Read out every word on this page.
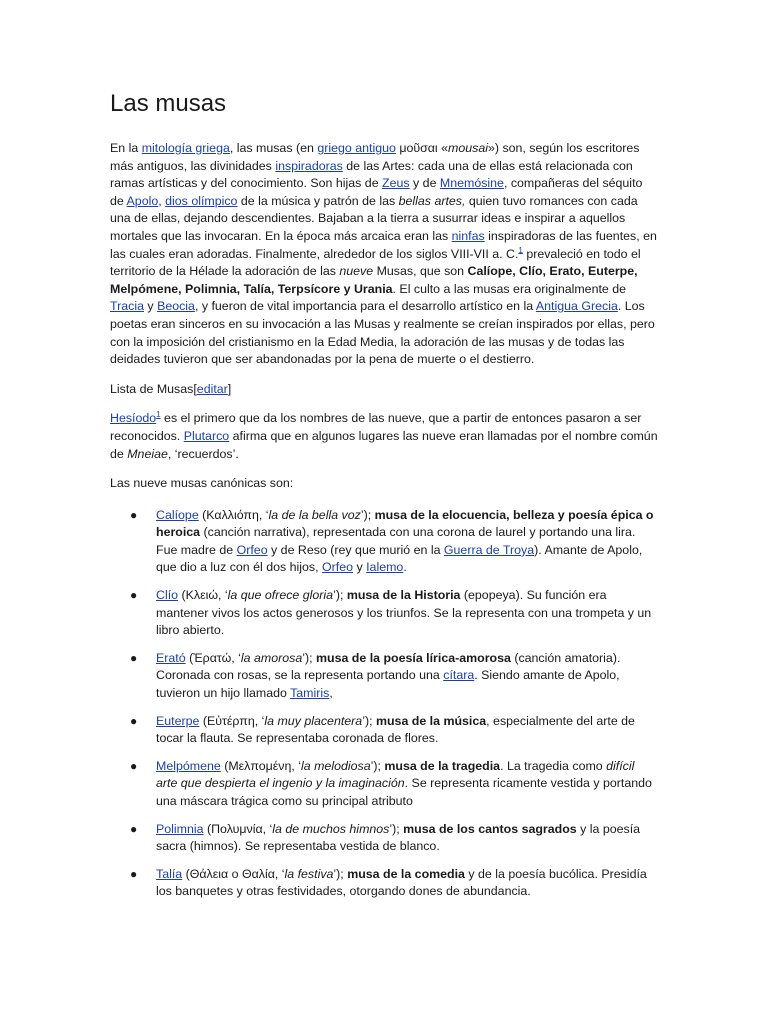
Las musas

En la mitología griega, las musas (en griego antiguo μοῦσαι «mousai») son, según los escritores más antiguos, las divinidades inspiradoras de las Artes: cada una de ellas está relacionada con ramas artísticas y del conocimiento. Son hijas de Zeus y de Mnemósine, compañeras del séquito de Apolo, dios olímpico de la música y patrón de las bellas artes, quien tuvo romances con cada una de ellas, dejando descendientes. Bajaban a la tierra a susurrar ideas e inspirar a aquellos mortales que las invocaran. En la época más arcaica eran las ninfas inspiradoras de las fuentes, en las cuales eran adoradas. Finalmente, alrededor de los siglos VIII-VII a. C.$^1$ prevaleció en todo el territorio de la Hélade la adoración de las nueve Musas, que son Calíope, Clío, Erato, Euterpe, Melpómene, Polimnia, Talía, Terpsícore y Urania. El culto a las musas era originalmente de Tracia y Beocia, y fueron de vital importancia para el desarrollo artístico en la Antigua Grecia. Los poetas eran sinceros en su invocación a las Musas y realmente se creían inspirados por ellas, pero con la imposición del cristianismo en la Edad Media, la adoración de las musas y de todas las deidades tuvieron que ser abandonadas por la pena de muerte o el destierro.

Lista de Musas[editar]

Hesíodo$^1$ es el primero que da los nombres de las nueve, que a partir de entonces pasaron a ser reconocidos. Plutarco afirma que en algunos lugares las nueve eran llamadas por el nombre común de Mneiae, ‘recuerdos’.

Las nueve musas canónicas son:

● Calíope (Καλλιόπη, ‘la de la bella voz’); musa de la elocuencia, belleza y poesía épica o heroica (canción narrativa), representada con una corona de laurel y portando una lira. Fue madre de Orfeo y de Reso (rey que murió en la Guerra de Troya). Amante de Apolo, que dio a luz con él dos hijos, Orfeo y Ialemo.
● Clío (Κλειώ, ‘la que ofrece gloria’); musa de la Historia (epopeya). Su función era mantener vivos los actos generosos y los triunfos. Se la representa con una trompeta y un libro abierto.
● Erató (Ἐρατώ, ‘la amorosa’); musa de la poesía lírica-amorosa (canción amatoria). Coronada con rosas, se la representa portando una cítara. Siendo amante de Apolo, tuvieron un hijo llamado Tamiris,
● Euterpe (Εὐτέρπη, ‘la muy placentera’); musa de la música, especialmente del arte de tocar la flauta. Se representaba coronada de flores.
● Melpómene (Μελπομένη, ‘la melodiosa’); musa de la tragedia. La tragedia como difícil arte que despierta el ingenio y la imaginación. Se representa ricamente vestida y portando una máscara trágica como su principal atributo
● Polimnia (Πολυμνία, ‘la de muchos himnos’); musa de los cantos sagrados y la poesía sacra (himnos). Se representaba vestida de blanco.
● Talía (Θάλεια o Θαλία, ‘la festiva’); musa de la comedia y de la poesía bucólica. Presidía los banquetes y otras festividades, otorgando dones de abundancia.
